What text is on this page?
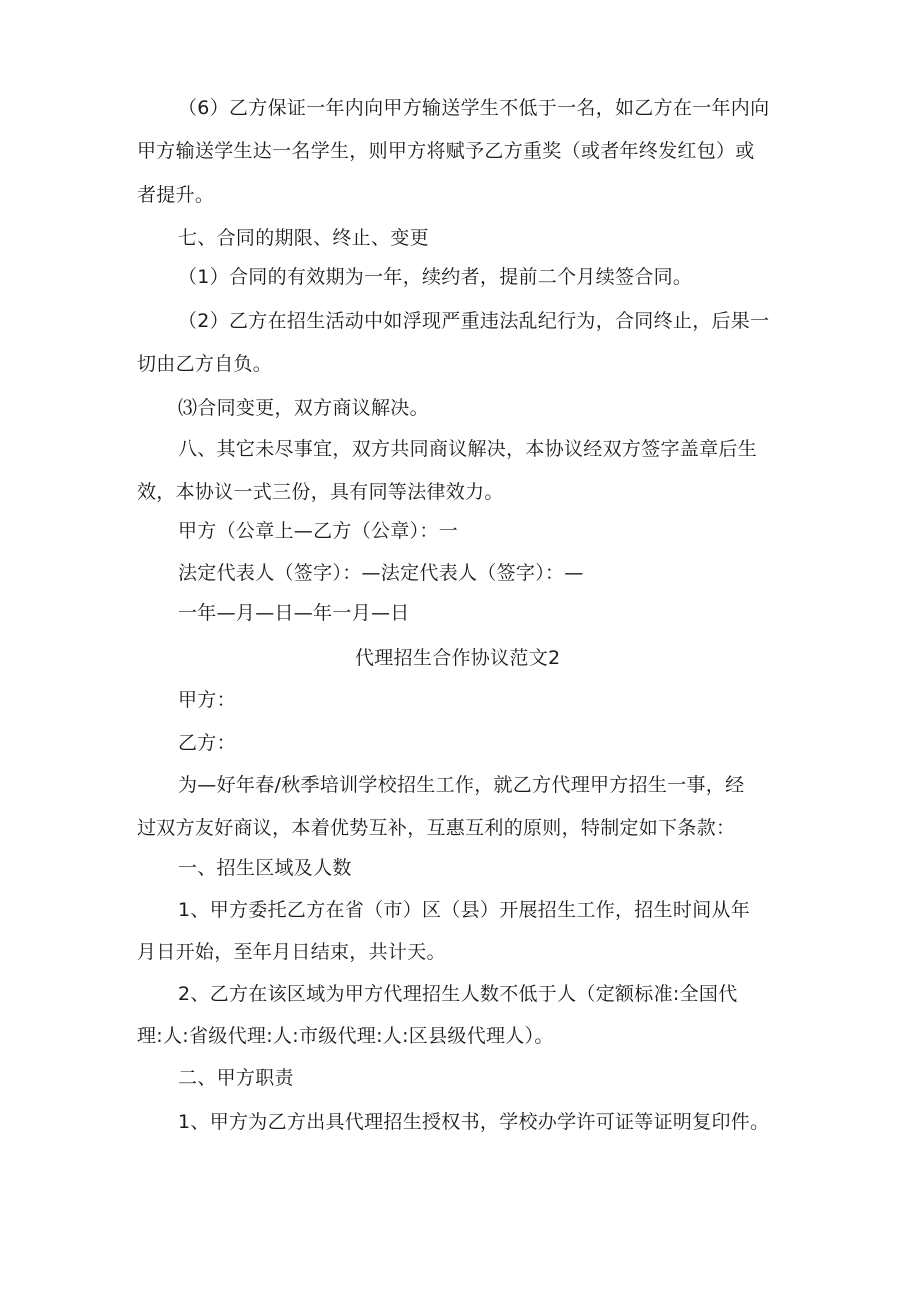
（6）乙方保证一年内向甲方输送学生不低于一名，如乙方在一年内向
甲方输送学生达一名学生，则甲方将赋予乙方重奖（或者年终发红包）或
者提升。
七、合同的期限、终止、变更
（1）合同的有效期为一年，续约者，提前二个月续签合同。
（2）乙方在招生活动中如浮现严重违法乱纪行为，合同终止，后果一
切由乙方自负。
⑶合同变更，双方商议解决。
八、其它未尽事宜，双方共同商议解决，本协议经双方签字盖章后生
效，本协议一式三份，具有同等法律效力。
甲方（公章上—乙方（公章）：一
法定代表人（签字）：—法定代表人（签字）：—
一年—月—日—年一月—日
代理招生合作协议范文2
甲方：
乙方：
为—好年春/秋季培训学校招生工作，就乙方代理甲方招生一事，经
过双方友好商议，本着优势互补，互惠互利的原则，特制定如下条款：
一、招生区域及人数
1、甲方委托乙方在省（市）区（县）开展招生工作，招生时间从年
月日开始，至年月日结束，共计天。
2、乙方在该区域为甲方代理招生人数不低于人（定额标准:全国代
理:人:省级代理:人:市级代理:人:区县级代理人）。
二、甲方职责
1、甲方为乙方出具代理招生授权书，学校办学许可证等证明复印件。
